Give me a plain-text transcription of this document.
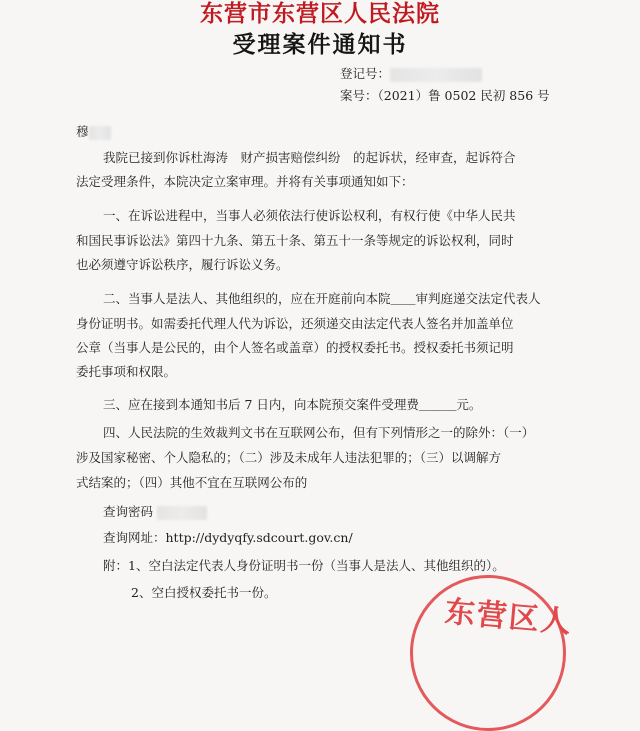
东营市东营区人民法院
受理案件通知书
登记号：
案号：（2021）鲁 0502 民初 856 号
穆
我院已接到你诉杜海涛　财产损害赔偿纠纷　的起诉状，经审查，起诉符合
法定受理条件，本院决定立案审理。并将有关事项通知如下：
一、在诉讼进程中，当事人必须依法行使诉讼权利，有权行使《中华人民共
和国民事诉讼法》第四十九条、第五十条、第五十一条等规定的诉讼权利，同时
也必须遵守诉讼秩序，履行诉讼义务。
二、当事人是法人、其他组织的，应在开庭前向本院＿＿审判庭递交法定代表人
身份证明书。如需委托代理人代为诉讼，还须递交由法定代表人签名并加盖单位
公章（当事人是公民的，由个人签名或盖章）的授权委托书。授权委托书须记明
委托事项和权限。
三、应在接到本通知书后 7 日内，向本院预交案件受理费＿＿＿元。
四、人民法院的生效裁判文书在互联网公布，但有下列情形之一的除外：（一）
涉及国家秘密、个人隐私的；（二）涉及未成年人违法犯罪的；（三）以调解方
式结案的；（四）其他不宜在互联网公布的
查询密码
查询网址：http://dydyqfy.sdcourt.gov.cn/
附：1、空白法定代表人身份证明书一份（当事人是法人、其他组织的）。
2、空白授权委托书一份。
东营区人
